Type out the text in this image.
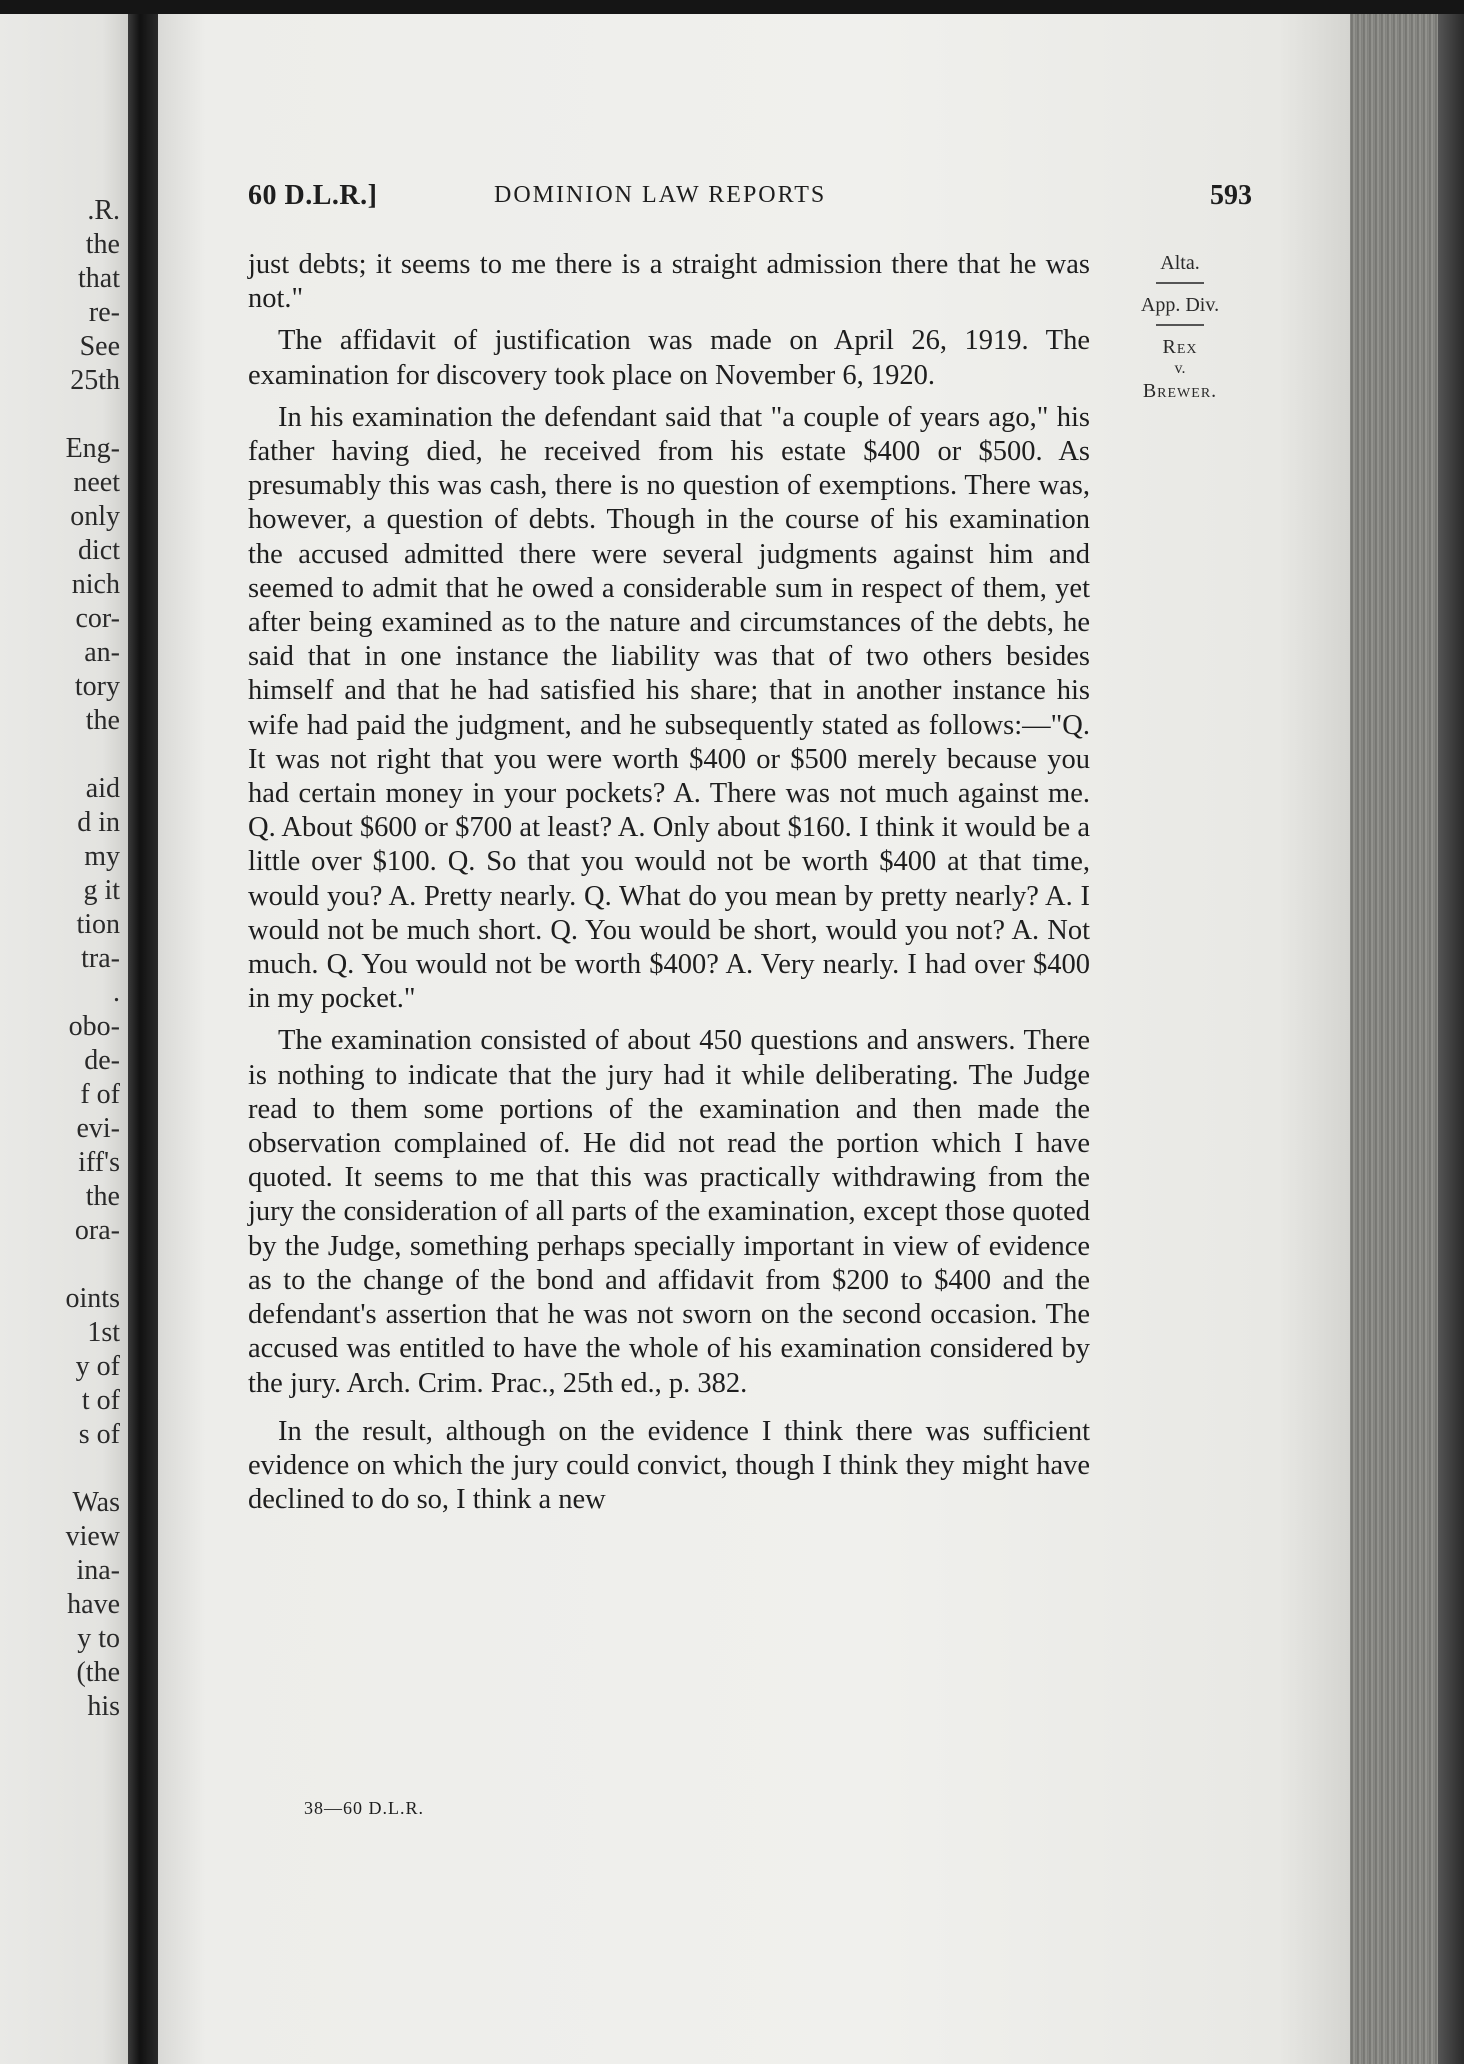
.R.
the
that
re-
See
25th
Eng-
neet
only
dict
nich
cor-
an-
tory
the
aid
d in
my
g it
tion
tra-
.
obo-
de-
f of
evi-
iff's
the
ora-
oints
1st
y of
t of
s of
Was
view
ina-
have
y to
(the
his
60 D.L.R.]	DOMINION LAW REPORTS	593
Alta.
App. Div.
Rex
v.
Brewer.

just debts; it seems to me there is a straight admission there that he was not."

The affidavit of justification was made on April 26, 1919. The examination for discovery took place on November 6, 1920.

In his examination the defendant said that "a couple of years ago," his father having died, he received from his estate $400 or $500. As presumably this was cash, there is no question of exemptions. There was, however, a question of debts. Though in the course of his examination the accused admitted there were several judgments against him and seemed to admit that he owed a considerable sum in respect of them, yet after being examined as to the nature and circumstances of the debts, he said that in one instance the liability was that of two others besides himself and that he had satisfied his share; that in another instance his wife had paid the judgment, and he subsequently stated as follows:—"Q. It was not right that you were worth $400 or $500 merely because you had certain money in your pockets? A. There was not much against me. Q. About $600 or $700 at least? A. Only about $160. I think it would be a little over $100. Q. So that you would not be worth $400 at that time, would you? A. Pretty nearly. Q. What do you mean by pretty nearly? A. I would not be much short. Q. You would be short, would you not? A. Not much. Q. You would not be worth $400? A. Very nearly. I had over $400 in my pocket."

The examination consisted of about 450 questions and answers. There is nothing to indicate that the jury had it while deliberating. The Judge read to them some portions of the examination and then made the observation complained of. He did not read the portion which I have quoted. It seems to me that this was practically withdrawing from the jury the consideration of all parts of the examination, except those quoted by the Judge, something perhaps specially important in view of evidence as to the change of the bond and affidavit from $200 to $400 and the defendant's assertion that he was not sworn on the second occasion. The accused was entitled to have the whole of his examination considered by the jury. Arch. Crim. Prac., 25th ed., p. 382.

In the result, although on the evidence I think there was sufficient evidence on which the jury could convict, though I think they might have declined to do so, I think a new

38—60 D.L.R.
